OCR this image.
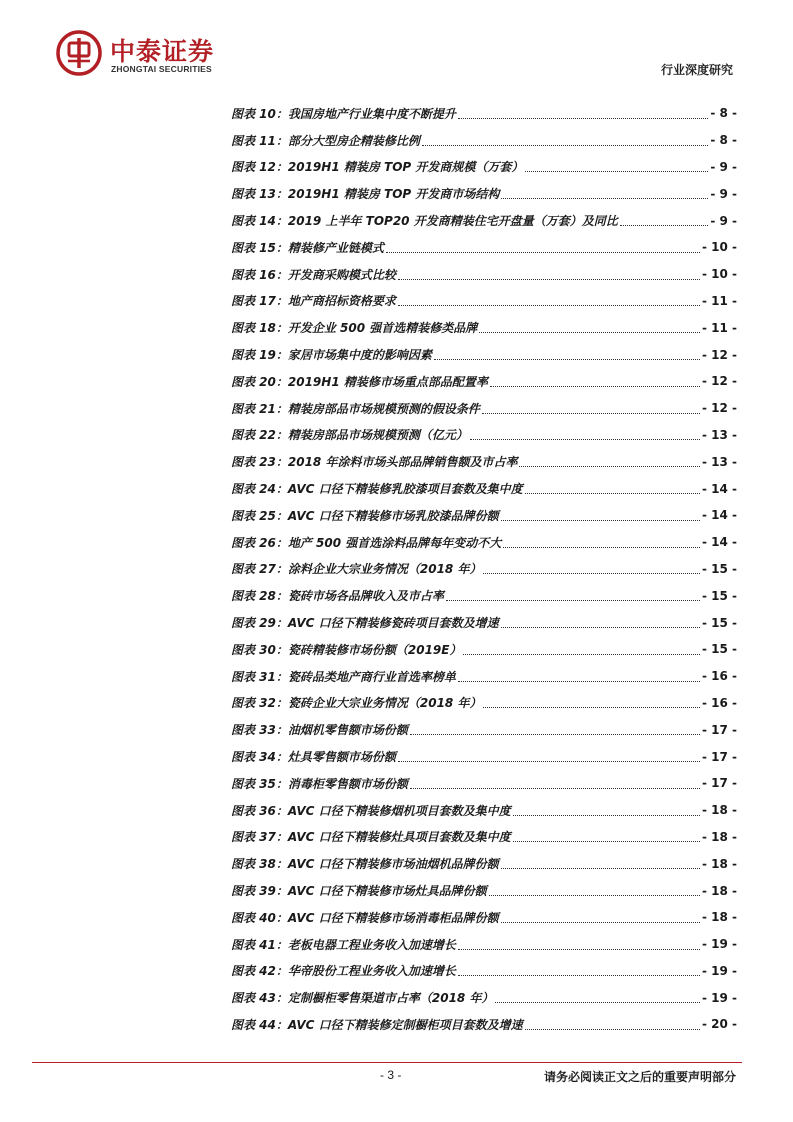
中泰证券
ZHONGTAI SECURITIES	行业深度研究
图表 10：我国房地产行业集中度不断提升	- 8 -
图表 11：部分大型房企精装修比例	- 8 -
图表 12：2019H1 精装房 TOP 开发商规模（万套）	- 9 -
图表 13：2019H1 精装房 TOP 开发商市场结构	- 9 -
图表 14：2019 上半年 TOP20 开发商精装住宅开盘量（万套）及同比	- 9 -
图表 15：精装修产业链模式	- 10 -
图表 16：开发商采购模式比较	- 10 -
图表 17：地产商招标资格要求	- 11 -
图表 18：开发企业 500 强首选精装修类品牌	- 11 -
图表 19：家居市场集中度的影响因素	- 12 -
图表 20：2019H1 精装修市场重点部品配置率	- 12 -
图表 21：精装房部品市场规模预测的假设条件	- 12 -
图表 22：精装房部品市场规模预测（亿元）	- 13 -
图表 23：2018 年涂料市场头部品牌销售额及市占率	- 13 -
图表 24：AVC 口径下精装修乳胶漆项目套数及集中度	- 14 -
图表 25：AVC 口径下精装修市场乳胶漆品牌份额	- 14 -
图表 26：地产 500 强首选涂料品牌每年变动不大	- 14 -
图表 27：涂料企业大宗业务情况（2018 年）	- 15 -
图表 28：瓷砖市场各品牌收入及市占率	- 15 -
图表 29：AVC 口径下精装修瓷砖项目套数及增速	- 15 -
图表 30：瓷砖精装修市场份额（2019E）	- 15 -
图表 31：瓷砖品类地产商行业首选率榜单	- 16 -
图表 32：瓷砖企业大宗业务情况（2018 年）	- 16 -
图表 33：油烟机零售额市场份额	- 17 -
图表 34：灶具零售额市场份额	- 17 -
图表 35：消毒柜零售额市场份额	- 17 -
图表 36：AVC 口径下精装修烟机项目套数及集中度	- 18 -
图表 37：AVC 口径下精装修灶具项目套数及集中度	- 18 -
图表 38：AVC 口径下精装修市场油烟机品牌份额	- 18 -
图表 39：AVC 口径下精装修市场灶具品牌份额	- 18 -
图表 40：AVC 口径下精装修市场消毒柜品牌份额	- 18 -
图表 41：老板电器工程业务收入加速增长	- 19 -
图表 42：华帝股份工程业务收入加速增长	- 19 -
图表 43：定制橱柜零售渠道市占率（2018 年）	- 19 -
图表 44：AVC 口径下精装修定制橱柜项目套数及增速	- 20 -
- 3 -	请务必阅读正文之后的重要声明部分
